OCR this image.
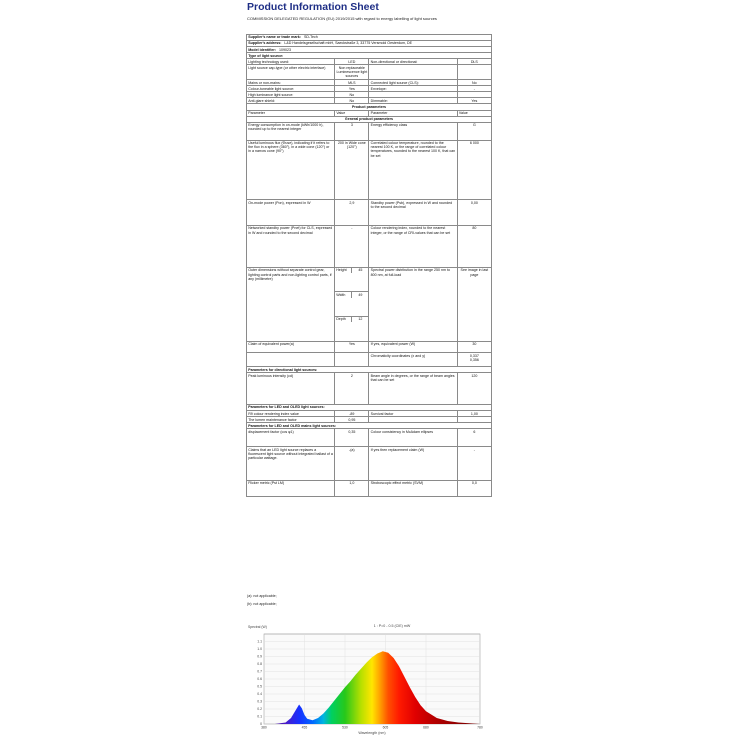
Product Information Sheet
COMMISSION DELEGATED REGULATION (EU) 2019/2015 with regard to energy labelling of light sources
Supplier's name or trade mark: SD-Tech			
Supplier's address: L&D Handelsgesellschaft mbH, Saeckstraße 3, 33775 Versmold Oesterdum, DE			
Model identifier: 109023			
Type of light source:			
Lighting technology used:	LED	Non-directional or directional:	DLS
Light source cap-type (or other electric interface)	Non replaceable Luminescence light sources		
Mains or non-mains:	MLS	Connected light source (CLS):	No
Colour-tuneable light source:	Yes	Envelope:	-
High luminance light source:	No		
Anti-glare shield:	No	Dimmable:	Yes
Product parameters			
Parameter	Value	Parameter	Value
General product parameters			
Energy consumption in on-mode (kWh/1000 h), rounded up to the nearest integer	3	Energy efficiency class	G
Useful luminous flux (Φuse), indicating if it refers to the flux in a sphere (360°), in a wide cone (120°) or in a narrow cone (90°)	200 in Wide cone (120°)	Correlated colour temperature, rounded to the nearest 100 K, or the range of correlated colour temperatures, rounded to the nearest 100 K, that can be set	6 000
On-mode power (Pon), expressed in W	2,9	Standby power (Psb), expressed in W and rounded to the second decimal	0,00
Networked standby power (Pnet) for CLS, expressed in W and rounded to the second decimal	-	Colour rendering index, rounded to the nearest integer, or the range of CRI-values that can be set	80
Outer dimensions without separate control gear, lighting control parts and non-lighting control parts, if any (millimetre)	Height 45	Spectral power distribution in the range 250 nm to 800 nm, at full-load	See image in last page

	Width 49		

	Depth 12		

Claim of equivalent power(a)	Yes	If yes, equivalent power (W)	30
		Chromaticity coordinates (x and y)	0,337
0,356
Parameters for directional light sources:			
Peak luminous intensity (cd)	2	Beam angle in degrees, or the range of beam angles that can be set	120
Parameters for LED and OLED light sources:			
R9 colour rendering index value	-89	Survival factor	1,00
The lumen maintenance factor	0,95		
Parameters for LED and OLED mains light sources:			
displacement factor (cos φ1)	0,35	Colour consistency in McAdam ellipses	6
Claims that an LED light source replaces a fluorescent light source without integrated ballast of a particular wattage.	-(a)	If yes then replacement claim (W)	-
Flicker metric (Pst LM)	1,0	Stroboscopic effect metric (SVM)	0,0
(a): not applicable;
(b): not applicable;
0
0.1
0.2
0.3
0.4
0.5
0.6
0.7
0.8
0.9
1.0
1.1
380	455	530	605	680	780
Spectral (W)	1 : P=0 - 0.5 (CIE) mW
Wavelength (nm)
